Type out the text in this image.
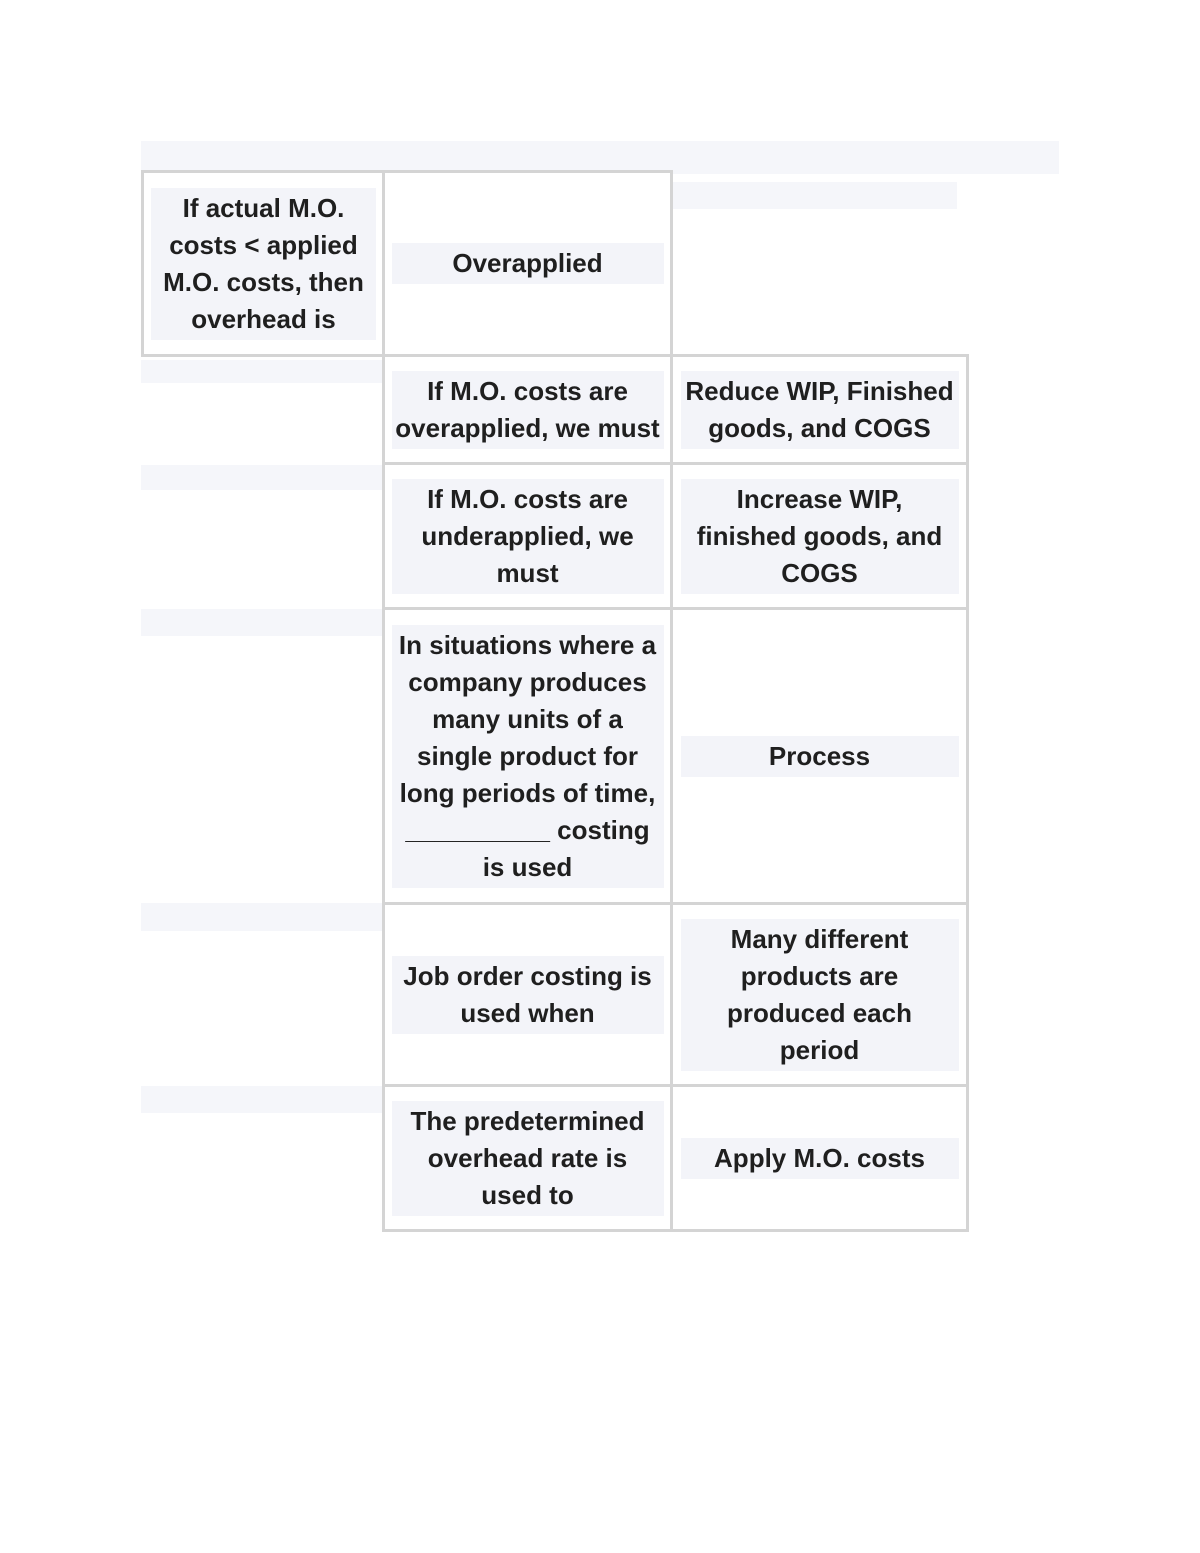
If actual M.O.
costs < applied
M.O. costs, then
overhead is
Overapplied
If M.O. costs are
overapplied, we must
Reduce WIP, Finished
goods, and COGS
If M.O. costs are
underapplied, we
must
Increase WIP,
finished goods, and
COGS
In situations where a
company produces
many units of a
single product for
long periods of time,
__________ costing
is used
Process
Job order costing is
used when
Many different
products are
produced each
period
The predetermined
overhead rate is
used to
Apply M.O. costs
